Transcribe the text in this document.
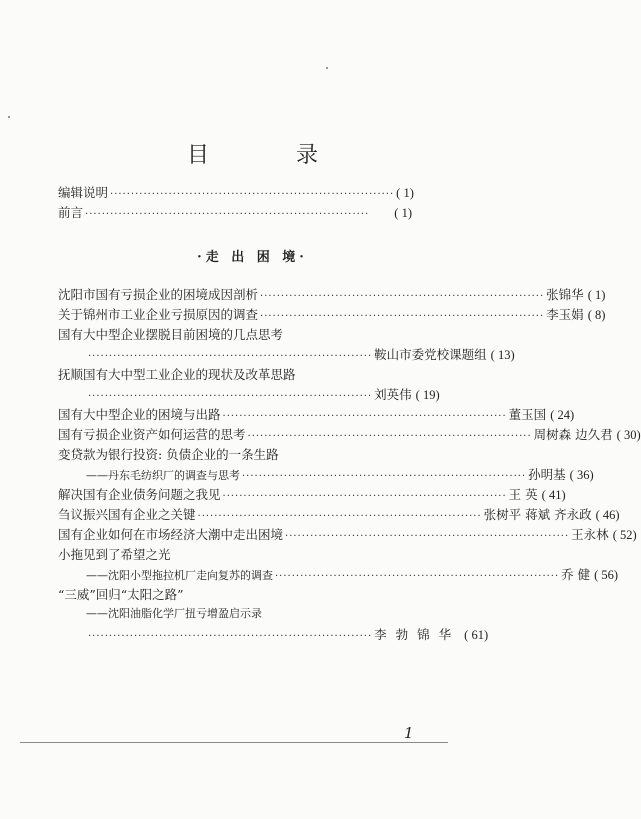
目 录
编辑说明 ···································································· ( 1)
前言 ····································································	( 1)
·走 出 困 境·
沈阳市国有亏损企业的困境成因剖析 ···································································· 张锦华 ( 1)
关于锦州市工业企业亏损原因的调查 ···································································· 李玉娟 ( 8)
国有大中型企业摆脱目前困境的几点思考
···································································· 鞍山市委党校课题组 ( 13)
抚顺国有大中型工业企业的现状及改革思路
···································································· 刘英伟 ( 19)
国有大中型企业的困境与出路 ···································································· 董玉国 ( 24)
国有亏损企业资产如何运营的思考 ···································································· 周树森 边久君 ( 30)
变贷款为银行投资: 负债企业的一条生路
——丹东毛纺织厂的调查与思考 ···································································· 孙明基 ( 36)
解决国有企业债务问题之我见 ···································································· 王 英 ( 41)
刍议振兴国有企业之关键 ···································································· 张树平 蒋斌 齐永政 ( 46)
国有企业如何在市场经济大潮中走出困境 ···································································· 王永林 ( 52)
小拖见到了希望之光
——沈阳小型拖拉机厂走向复苏的调查 ···································································· 乔 健 ( 56)
“三威”回归“太阳之路”
——沈阳油脂化学厂扭亏增盈启示录
···································································· 李勃锦华 ( 61)
1
